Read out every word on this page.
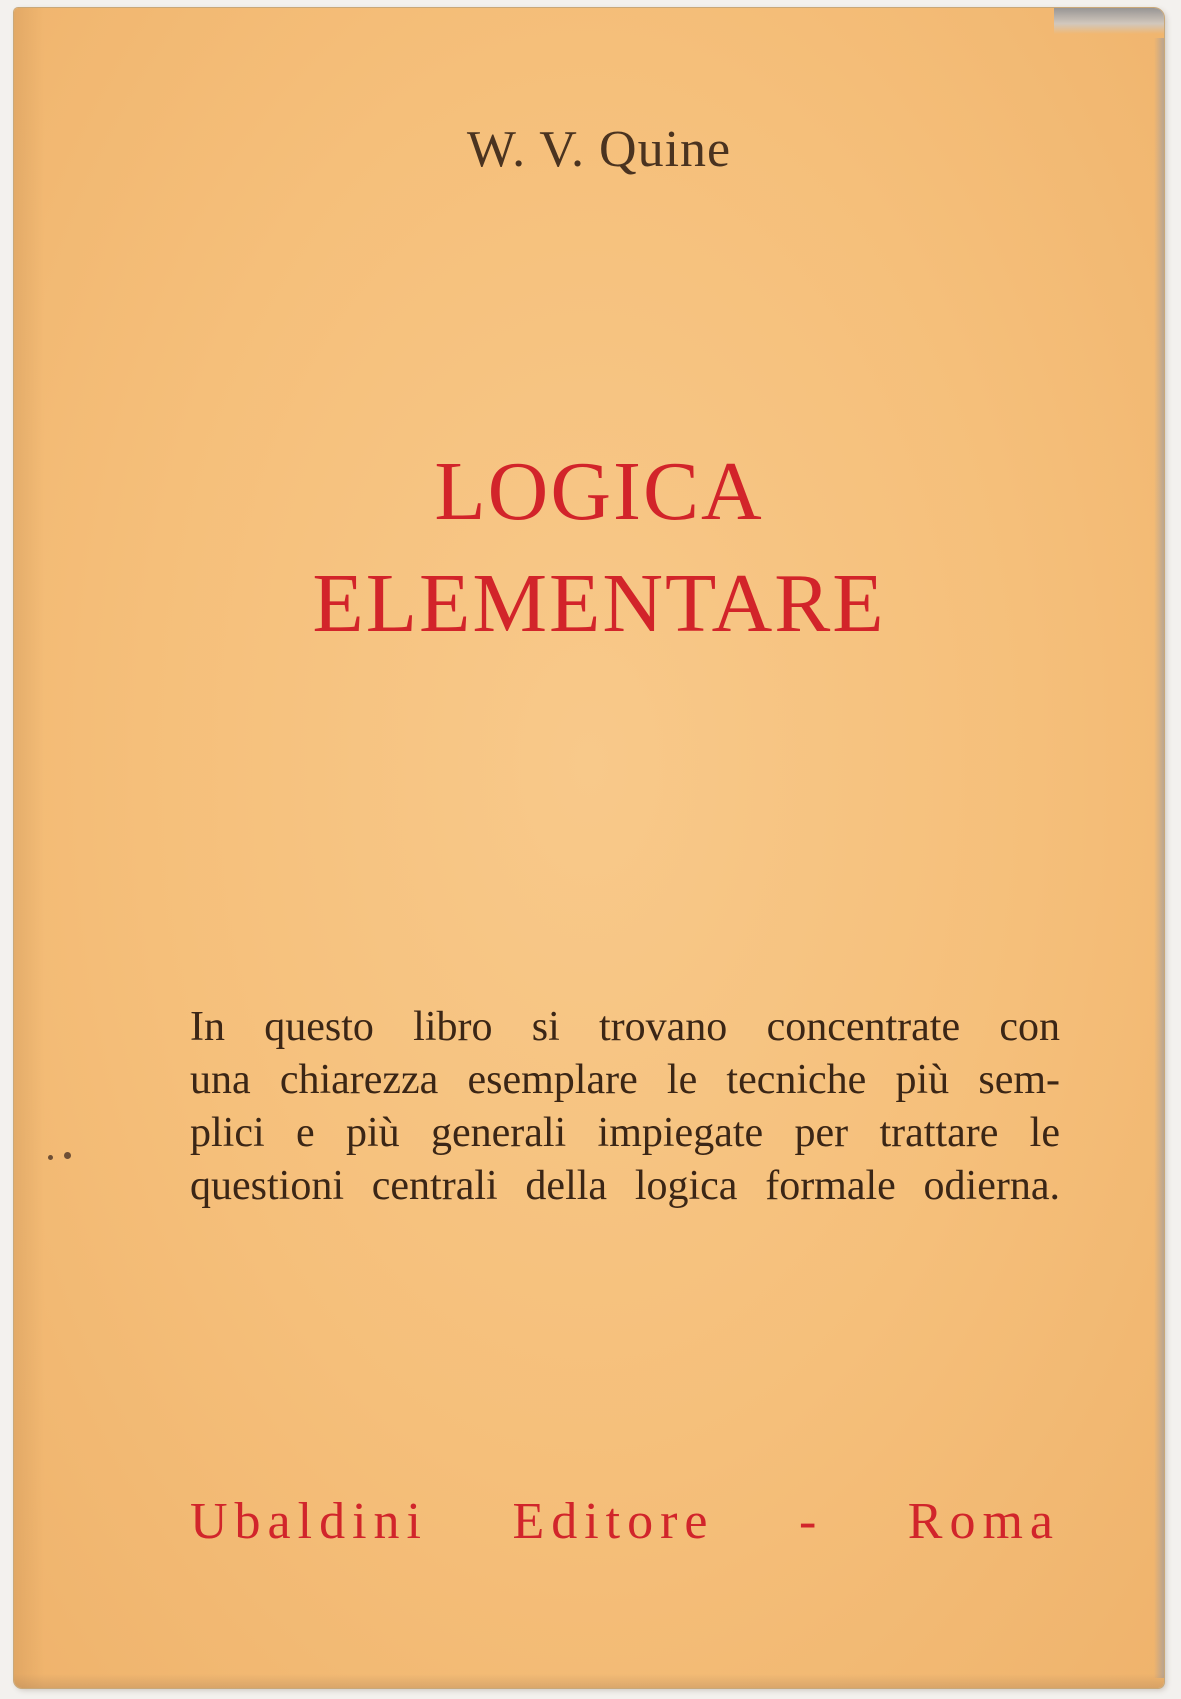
W. V. Quine
LOGICA
ELEMENTARE
In questo libro si trovano concentrate con
una chiarezza esemplare le tecniche più sem-
plici e più generali impiegate per trattare le
questioni centrali della logica formale odierna.
Ubaldini Editore - Roma
